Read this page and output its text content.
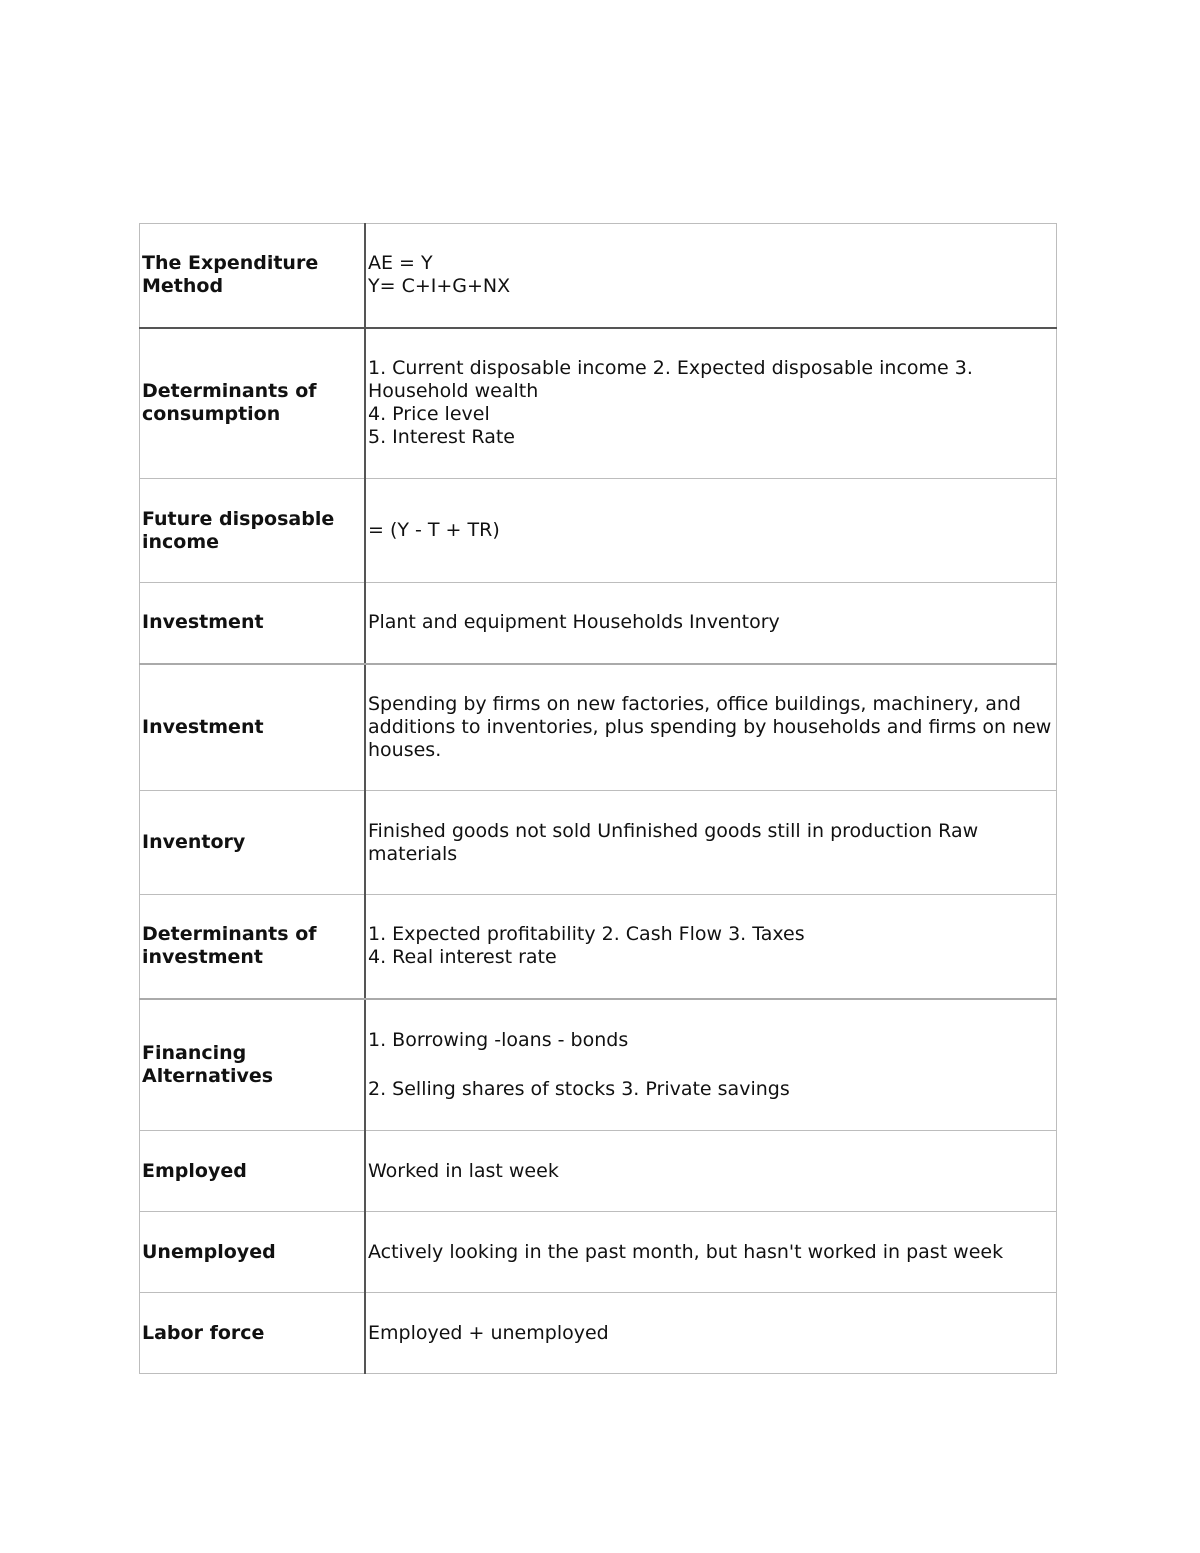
The Expenditure Method	AE = Y
Y= C+I+G+NX

Determinants of consumption	1. Current disposable income 2. Expected disposable income 3. Household wealth
4. Price level
5. Interest Rate

Future disposable income	= (Y - T + TR)

Investment	Plant and equipment Households Inventory

Investment	Spending by firms on new factories, office buildings, machinery, and additions to inventories, plus spending by households and firms on new houses.

Inventory	Finished goods not sold Unfinished goods still in production Raw materials

Determinants of investment	1. Expected profitability 2. Cash Flow 3. Taxes
4. Real interest rate

Financing Alternatives	1. Borrowing -loans - bonds
2. Selling shares of stocks 3. Private savings

Employed	Worked in last week

Unemployed	Actively looking in the past month, but hasn't worked in past week

Labor force	Employed + unemployed
